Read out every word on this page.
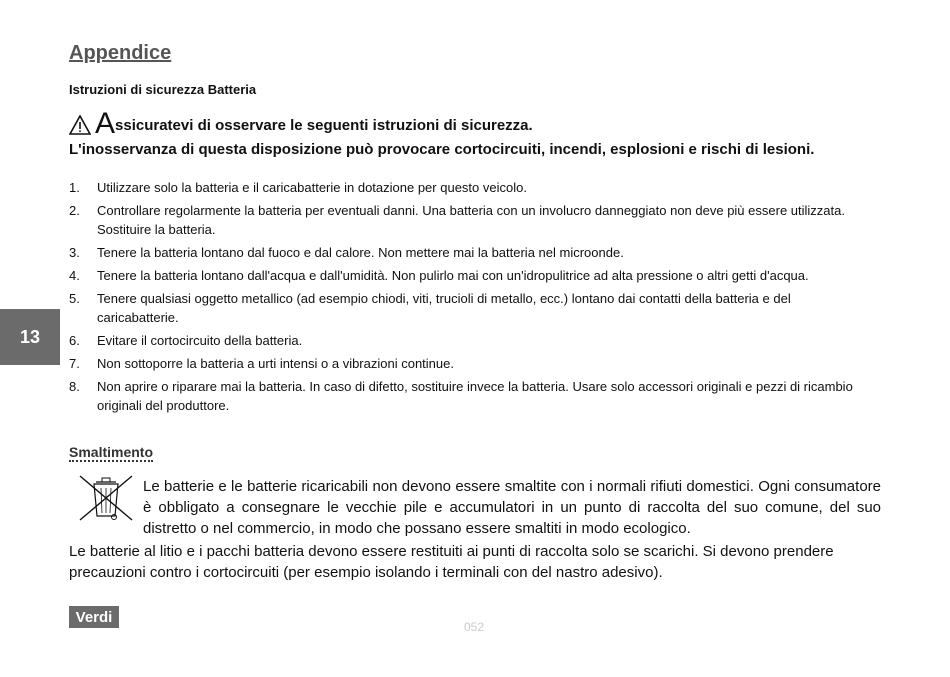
13
Appendice
Istruzioni di sicurezza Batteria
A ssicuratevi di osservare le seguenti istruzioni di sicurezza.
L'inosservanza di questa disposizione può provocare cortocircuiti, incendi, esplosioni e rischi di lesioni.
1.	Utilizzare solo la batteria e il caricabatterie in dotazione per questo veicolo.
2.	Controllare regolarmente la batteria per eventuali danni. Una batteria con un involucro danneggiato non deve più essere utilizzata. Sostituire la batteria.
3.	Tenere la batteria lontano dal fuoco e dal calore. Non mettere mai la batteria nel microonde.
4.	Tenere la batteria lontano dall'acqua e dall'umidità. Non pulirlo mai con un'idropulitrice ad alta pressione o altri getti d'acqua.
5.	Tenere qualsiasi oggetto metallico (ad esempio chiodi, viti, trucioli di metallo, ecc.) lontano dai contatti della batteria e del caricabatterie.
6.	Evitare il cortocircuito della batteria.
7.	Non sottoporre la batteria a urti intensi o a vibrazioni continue.
8.	Non aprire o riparare mai la batteria. In caso di difetto, sostituire invece la batteria. Usare solo accessori originali e pezzi di ricambio originali del produttore.
Smaltimento
Le batterie e le batterie ricaricabili non devono essere smaltite con i normali rifiuti domestici. Ogni consumatore è obbligato a consegnare le vecchie pile e accumulatori in un punto di raccolta del suo comune, del suo distretto o nel commercio, in modo che possano essere smaltiti in modo ecologico.
Le batterie al litio e i pacchi batteria devono essere restituiti ai punti di raccolta solo se scarichi. Si devono prendere precauzioni contro i cortocircuiti (per esempio isolando i terminali con del nastro adesivo).
Verdi
052
